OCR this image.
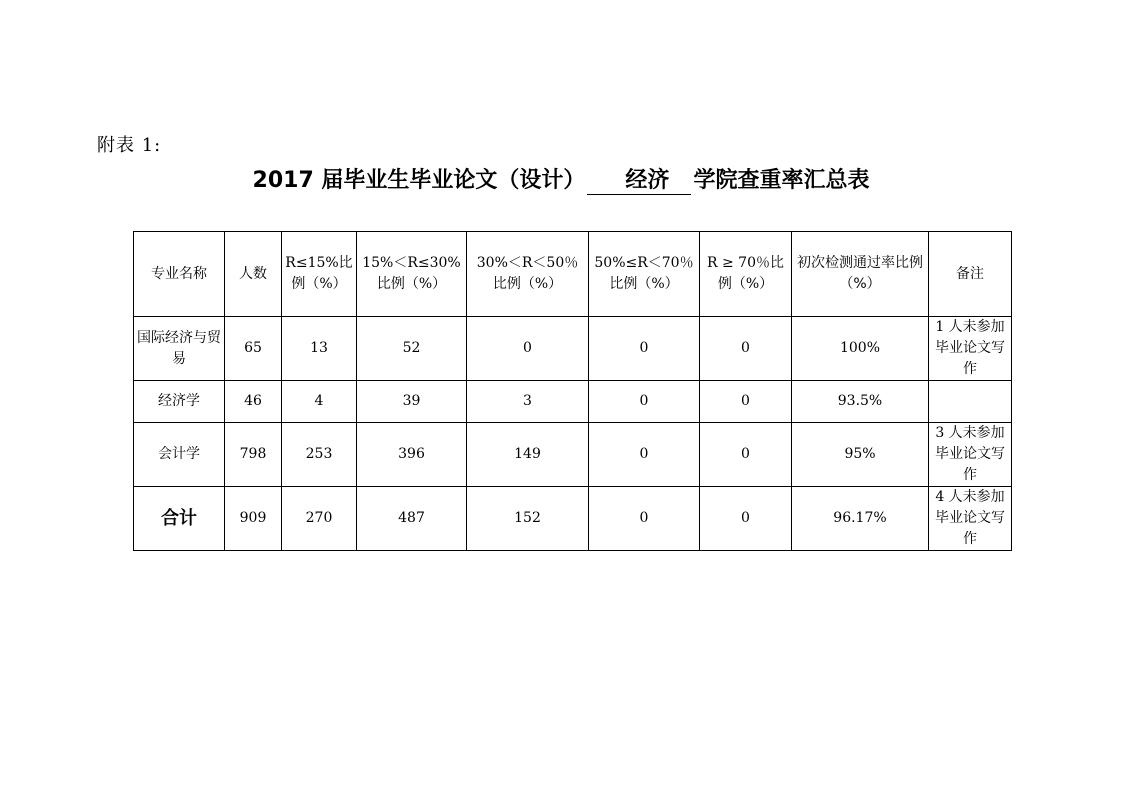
附表 1:
2017 届毕业生毕业论文（设计） 经济 学院查重率汇总表
专业名称	人数	R≤15%比例（%）	15%＜R≤30%比例（%）	30%＜R＜50％比例（%）	50%≤R＜70％比例（%）	R ≥ 70％比例（%）	初次检测通过率比例（%）	备注
国际经济与贸易	65	13	52	0	0	0	100%	1 人未参加毕业论文写作
经济学	46	4	39	3	0	0	93.5%	
会计学	798	253	396	149	0	0	95%	3 人未参加毕业论文写作
合计	909	270	487	152	0	0	96.17%	4 人未参加毕业论文写作
